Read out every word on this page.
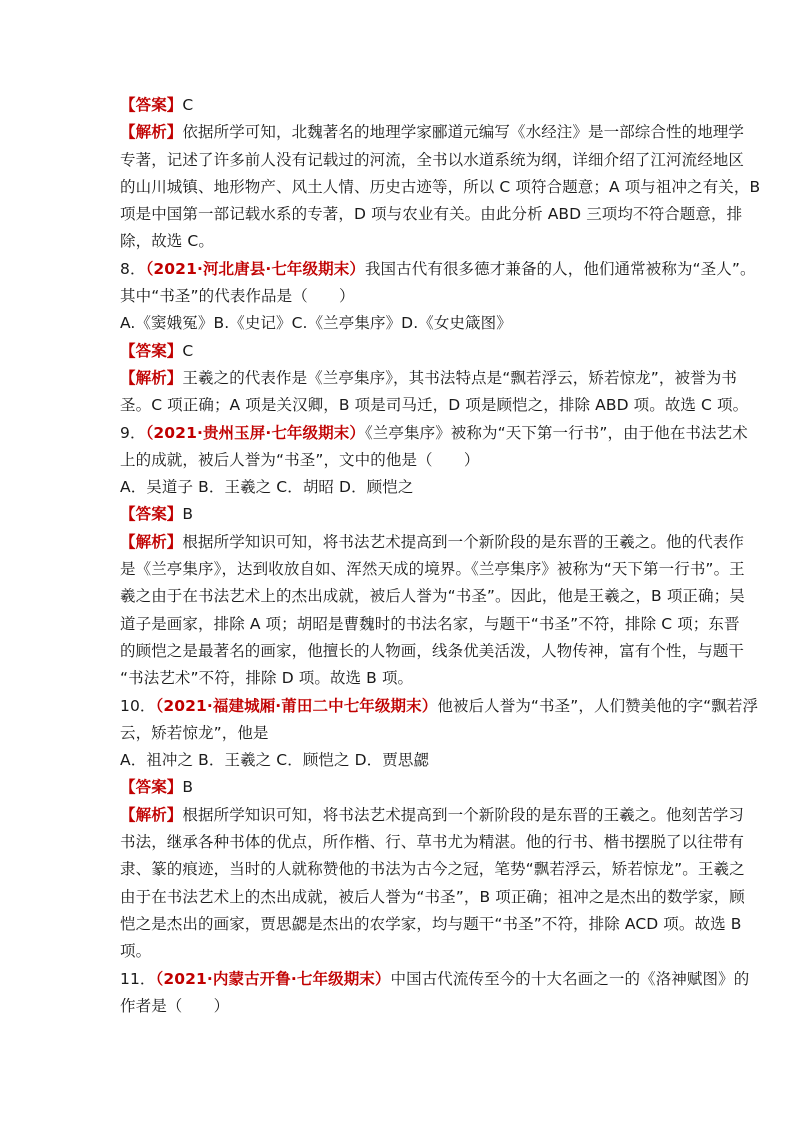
【答案】C
【解析】依据所学可知，北魏著名的地理学家郦道元编写《水经注》是一部综合性的地理学
专著，记述了许多前人没有记载过的河流，全书以水道系统为纲，详细介绍了江河流经地区
的山川城镇、地形物产、风土人情、历史古迹等，所以 C 项符合题意；A 项与祖冲之有关，B
项是中国第一部记载水系的专著，D 项与农业有关。由此分析 ABD 三项均不符合题意，排
除，故选 C。
8．（2021·河北唐县·七年级期末）我国古代有很多德才兼备的人，他们通常被称为“圣人”。
其中“书圣”的代表作品是（　　）
A.《窦娥冤》B.《史记》C.《兰亭集序》D.《女史箴图》
【答案】C
【解析】王羲之的代表作是《兰亭集序》，其书法特点是“飘若浮云，矫若惊龙”，被誉为书
圣。C 项正确；A 项是关汉卿，B 项是司马迁，D 项是顾恺之，排除 ABD 项。故选 C 项。
9．（2021·贵州玉屏·七年级期末）《兰亭集序》被称为“天下第一行书”，由于他在书法艺术
上的成就，被后人誉为“书圣”，文中的他是（　　）
A．吴道子 B．王羲之 C．胡昭 D．顾恺之
【答案】B
【解析】根据所学知识可知，将书法艺术提高到一个新阶段的是东晋的王羲之。他的代表作
是《兰亭集序》，达到收放自如、浑然天成的境界。《兰亭集序》被称为“天下第一行书”。王
羲之由于在书法艺术上的杰出成就，被后人誉为“书圣”。因此，他是王羲之，B 项正确；吴
道子是画家，排除 A 项；胡昭是曹魏时的书法名家，与题干“书圣”不符，排除 C 项；东晋
的顾恺之是最著名的画家，他擅长的人物画，线条优美活泼，人物传神，富有个性，与题干
“书法艺术”不符，排除 D 项。故选 B 项。
10．（2021·福建城厢·莆田二中七年级期末）他被后人誉为“书圣”，人们赞美他的字“飘若浮
云，矫若惊龙”，他是
A．祖冲之 B．王羲之 C．顾恺之 D．贾思勰
【答案】B
【解析】根据所学知识可知，将书法艺术提高到一个新阶段的是东晋的王羲之。他刻苦学习
书法，继承各种书体的优点，所作楷、行、草书尤为精湛。他的行书、楷书摆脱了以往带有
隶、篆的痕迹，当时的人就称赞他的书法为古今之冠，笔势“飘若浮云，矫若惊龙”。王羲之
由于在书法艺术上的杰出成就，被后人誉为“书圣”，B 项正确；祖冲之是杰出的数学家，顾
恺之是杰出的画家，贾思勰是杰出的农学家，均与题干“书圣”不符，排除 ACD 项。故选 B
项。
11．（2021·内蒙古开鲁·七年级期末）中国古代流传至今的十大名画之一的《洛神赋图》的
作者是（　　）
